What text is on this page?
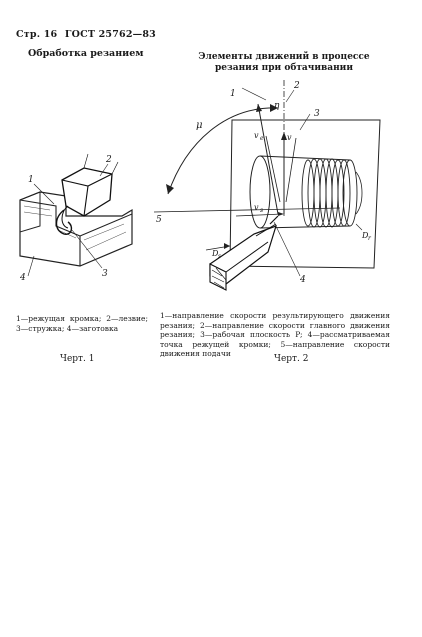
Стр. 16 ГОСТ 25762—83
Обработка резанием	Элементы движений в процессе резания при обтачивании
1
2
3
4
1
2
3
4
5
η
μ
v e	v
v s
D s
D r
1—режущая кромка; 2—лезвие; 3—стружка; 4—заготовка
1—направление скорости результирующего движения резания; 2—направление скорости главного движения резания; 3—рабочая плоскость P; 4—рассматриваемая точка режущей кромки; 5—направление скорости движения подачи
Черт. 1	Черт. 2
